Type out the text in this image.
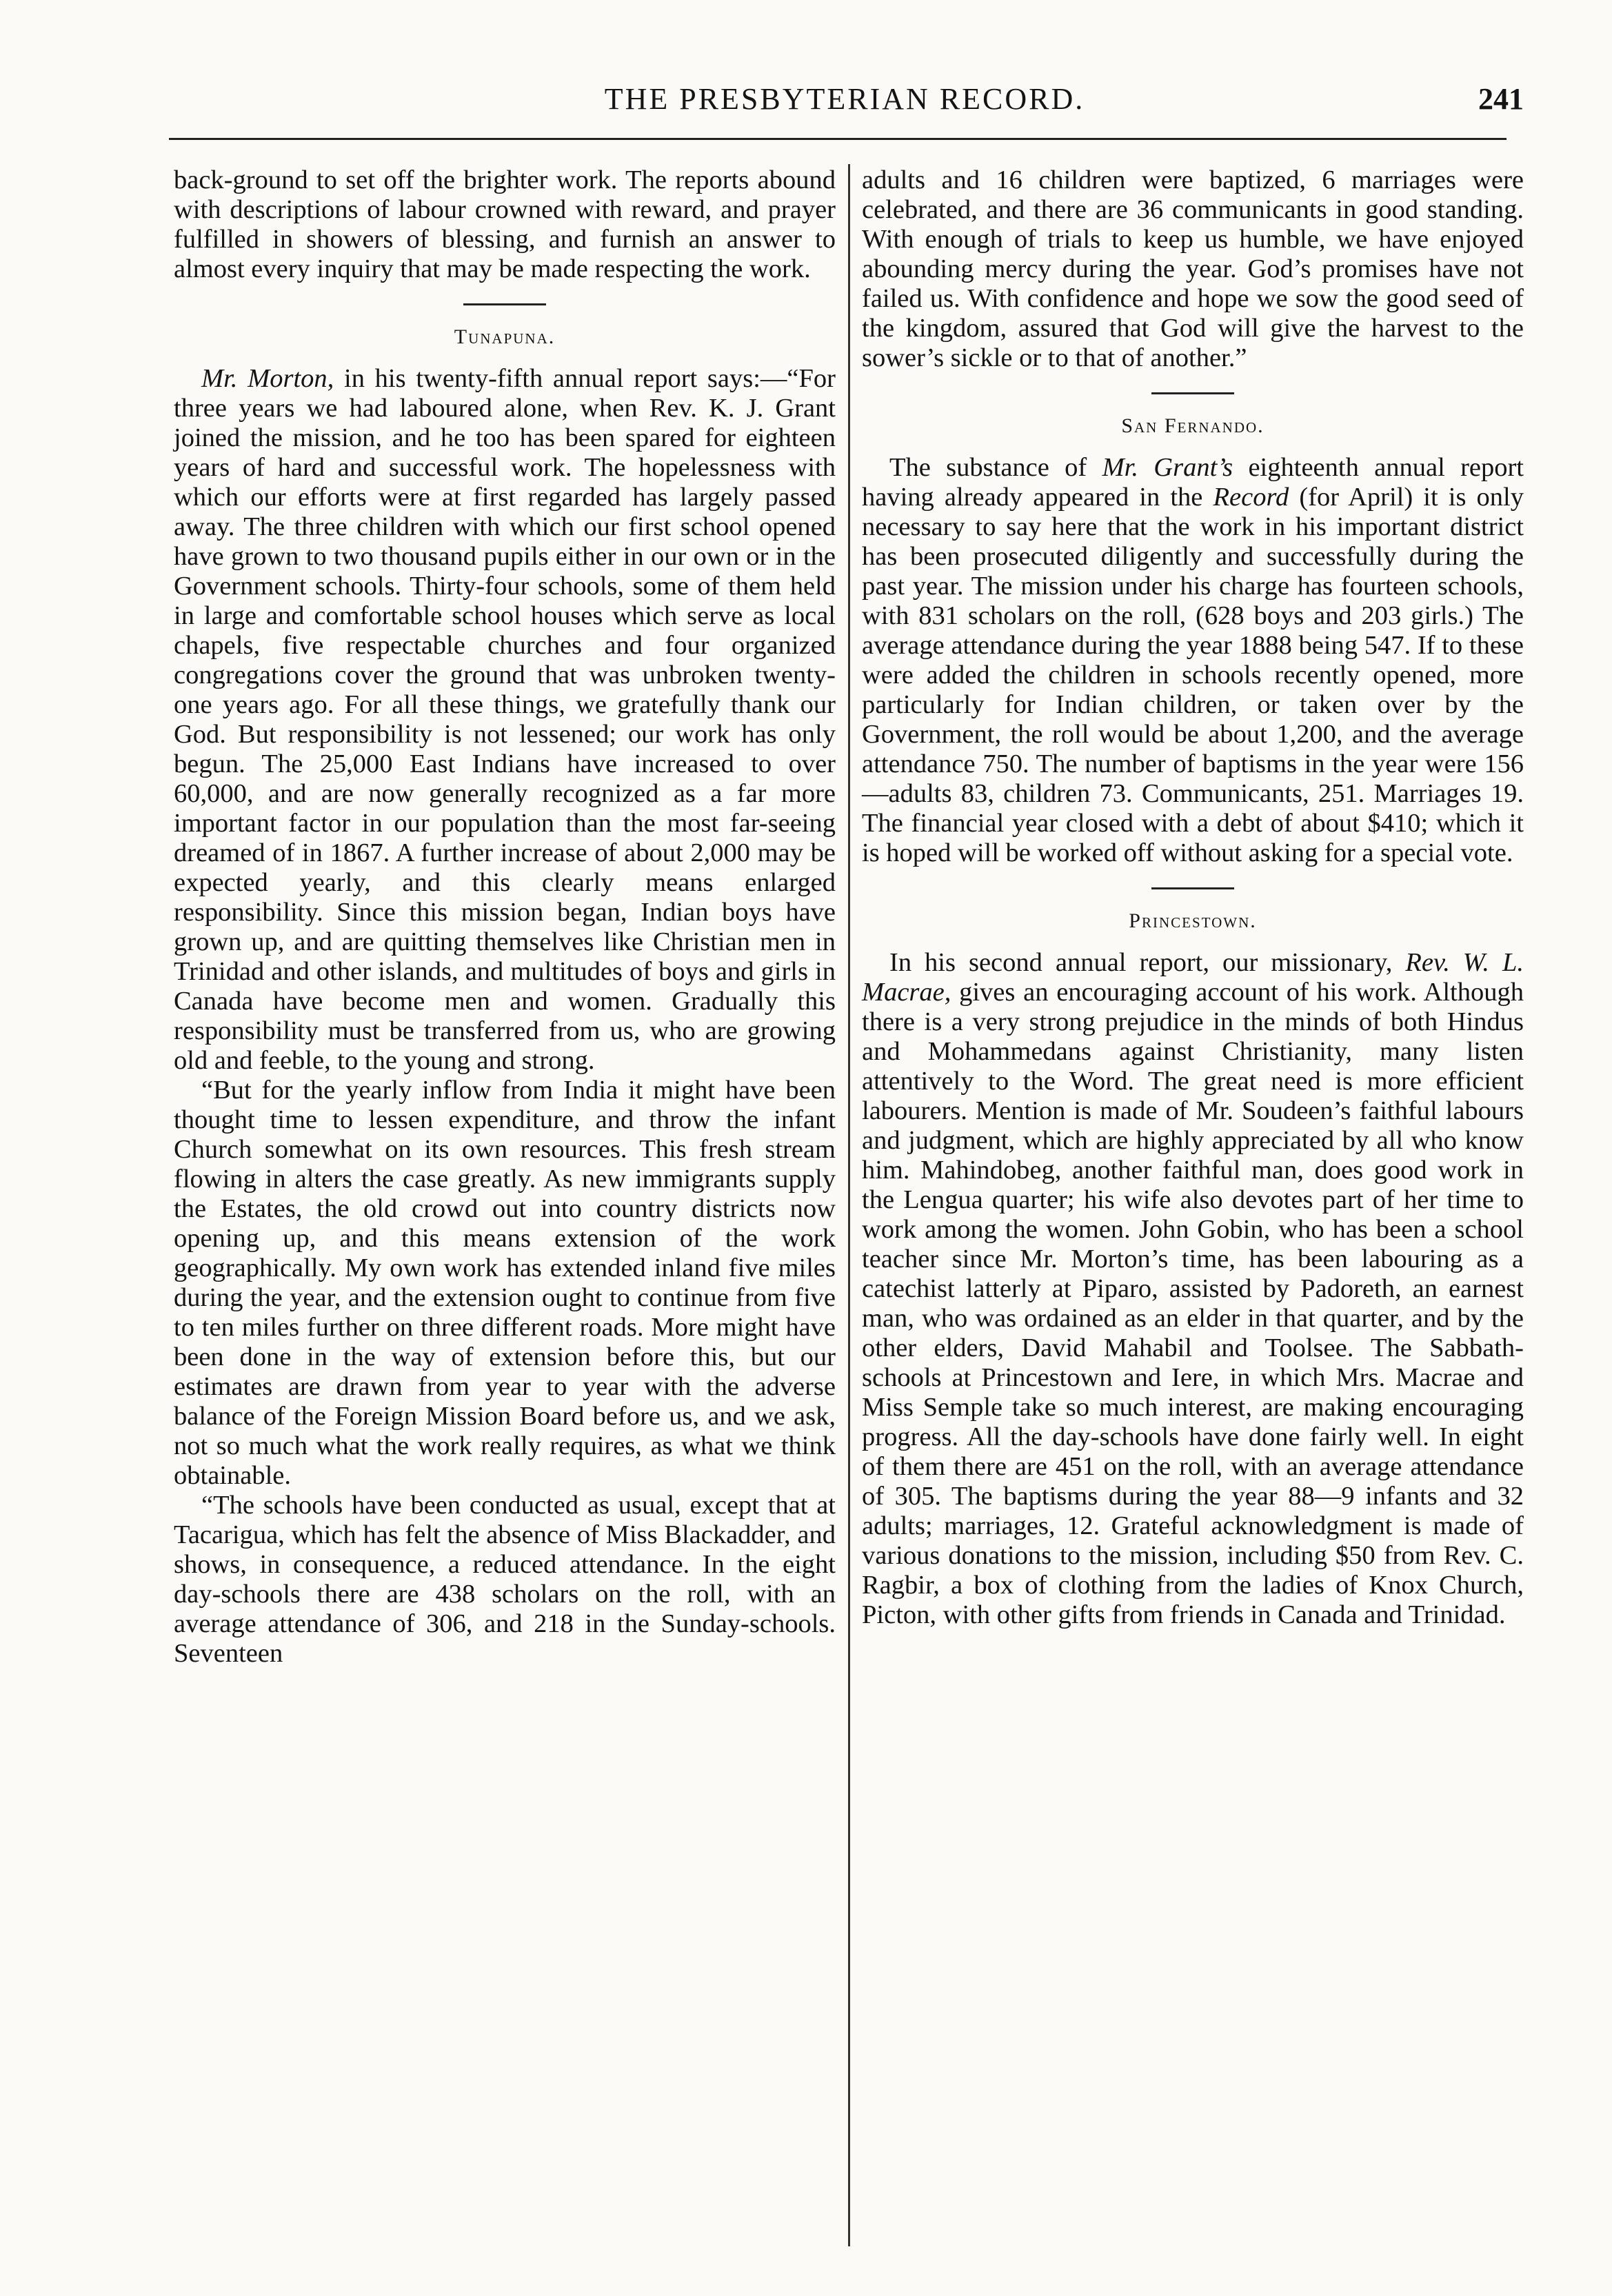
THE PRESBYTERIAN RECORD.	241

back-ground to set off the brighter work. The reports abound with descriptions of labour crowned with reward, and prayer fulfilled in showers of blessing, and furnish an answer to almost every inquiry that may be made respecting the work.

Tunapuna.

Mr. Morton, in his twenty-fifth annual report says:—“For three years we had laboured alone, when Rev. K. J. Grant joined the mission, and he too has been spared for eighteen years of hard and successful work. The hopelessness with which our efforts were at first regarded has largely passed away. The three children with which our first school opened have grown to two thousand pupils either in our own or in the Government schools. Thirty-four schools, some of them held in large and comfortable school houses which serve as local chapels, five respectable churches and four organized congregations cover the ground that was unbroken twenty-one years ago. For all these things, we gratefully thank our God. But responsibility is not lessened; our work has only begun. The 25,000 East Indians have increased to over 60,000, and are now generally recognized as a far more important factor in our population than the most far-seeing dreamed of in 1867. A further increase of about 2,000 may be expected yearly, and this clearly means enlarged responsibility. Since this mission began, Indian boys have grown up, and are quitting themselves like Christian men in Trinidad and other islands, and multitudes of boys and girls in Canada have become men and women. Gradually this responsibility must be transferred from us, who are growing old and feeble, to the young and strong.

“But for the yearly inflow from India it might have been thought time to lessen expenditure, and throw the infant Church somewhat on its own resources. This fresh stream flowing in alters the case greatly. As new immigrants supply the Estates, the old crowd out into country districts now opening up, and this means extension of the work geographically. My own work has extended inland five miles during the year, and the extension ought to continue from five to ten miles further on three different roads. More might have been done in the way of extension before this, but our estimates are drawn from year to year with the adverse balance of the Foreign Mission Board before us, and we ask, not so much what the work really requires, as what we think obtainable.

“The schools have been conducted as usual, except that at Tacarigua, which has felt the absence of Miss Blackadder, and shows, in consequence, a reduced attendance. In the eight day-schools there are 438 scholars on the roll, with an average attendance of 306, and 218 in the Sunday-schools. Seventeen

adults and 16 children were baptized, 6 marriages were celebrated, and there are 36 communicants in good standing. With enough of trials to keep us humble, we have enjoyed abounding mercy during the year. God’s promises have not failed us. With confidence and hope we sow the good seed of the kingdom, assured that God will give the harvest to the sower’s sickle or to that of another.”

San Fernando.

The substance of Mr. Grant’s eighteenth annual report having already appeared in the Record (for April) it is only necessary to say here that the work in his important district has been prosecuted diligently and successfully during the past year. The mission under his charge has fourteen schools, with 831 scholars on the roll, (628 boys and 203 girls.) The average attendance during the year 1888 being 547. If to these were added the children in schools recently opened, more particularly for Indian children, or taken over by the Government, the roll would be about 1,200, and the average attendance 750. The number of baptisms in the year were 156—adults 83, children 73. Communicants, 251. Marriages 19. The financial year closed with a debt of about $410; which it is hoped will be worked off without asking for a special vote.

Princestown.

In his second annual report, our missionary, Rev. W. L. Macrae, gives an encouraging account of his work. Although there is a very strong prejudice in the minds of both Hindus and Mohammedans against Christianity, many listen attentively to the Word. The great need is more efficient labourers. Mention is made of Mr. Soudeen’s faithful labours and judgment, which are highly appreciated by all who know him. Mahindobeg, another faithful man, does good work in the Lengua quarter; his wife also devotes part of her time to work among the women. John Gobin, who has been a school teacher since Mr. Morton’s time, has been labouring as a catechist latterly at Piparo, assisted by Padoreth, an earnest man, who was ordained as an elder in that quarter, and by the other elders, David Mahabil and Toolsee. The Sabbath-schools at Princestown and Iere, in which Mrs. Macrae and Miss Semple take so much interest, are making encouraging progress. All the day-schools have done fairly well. In eight of them there are 451 on the roll, with an average attendance of 305. The baptisms during the year 88—9 infants and 32 adults; marriages, 12. Grateful acknowledgment is made of various donations to the mission, including $50 from Rev. C. Ragbir, a box of clothing from the ladies of Knox Church, Picton, with other gifts from friends in Canada and Trinidad.
